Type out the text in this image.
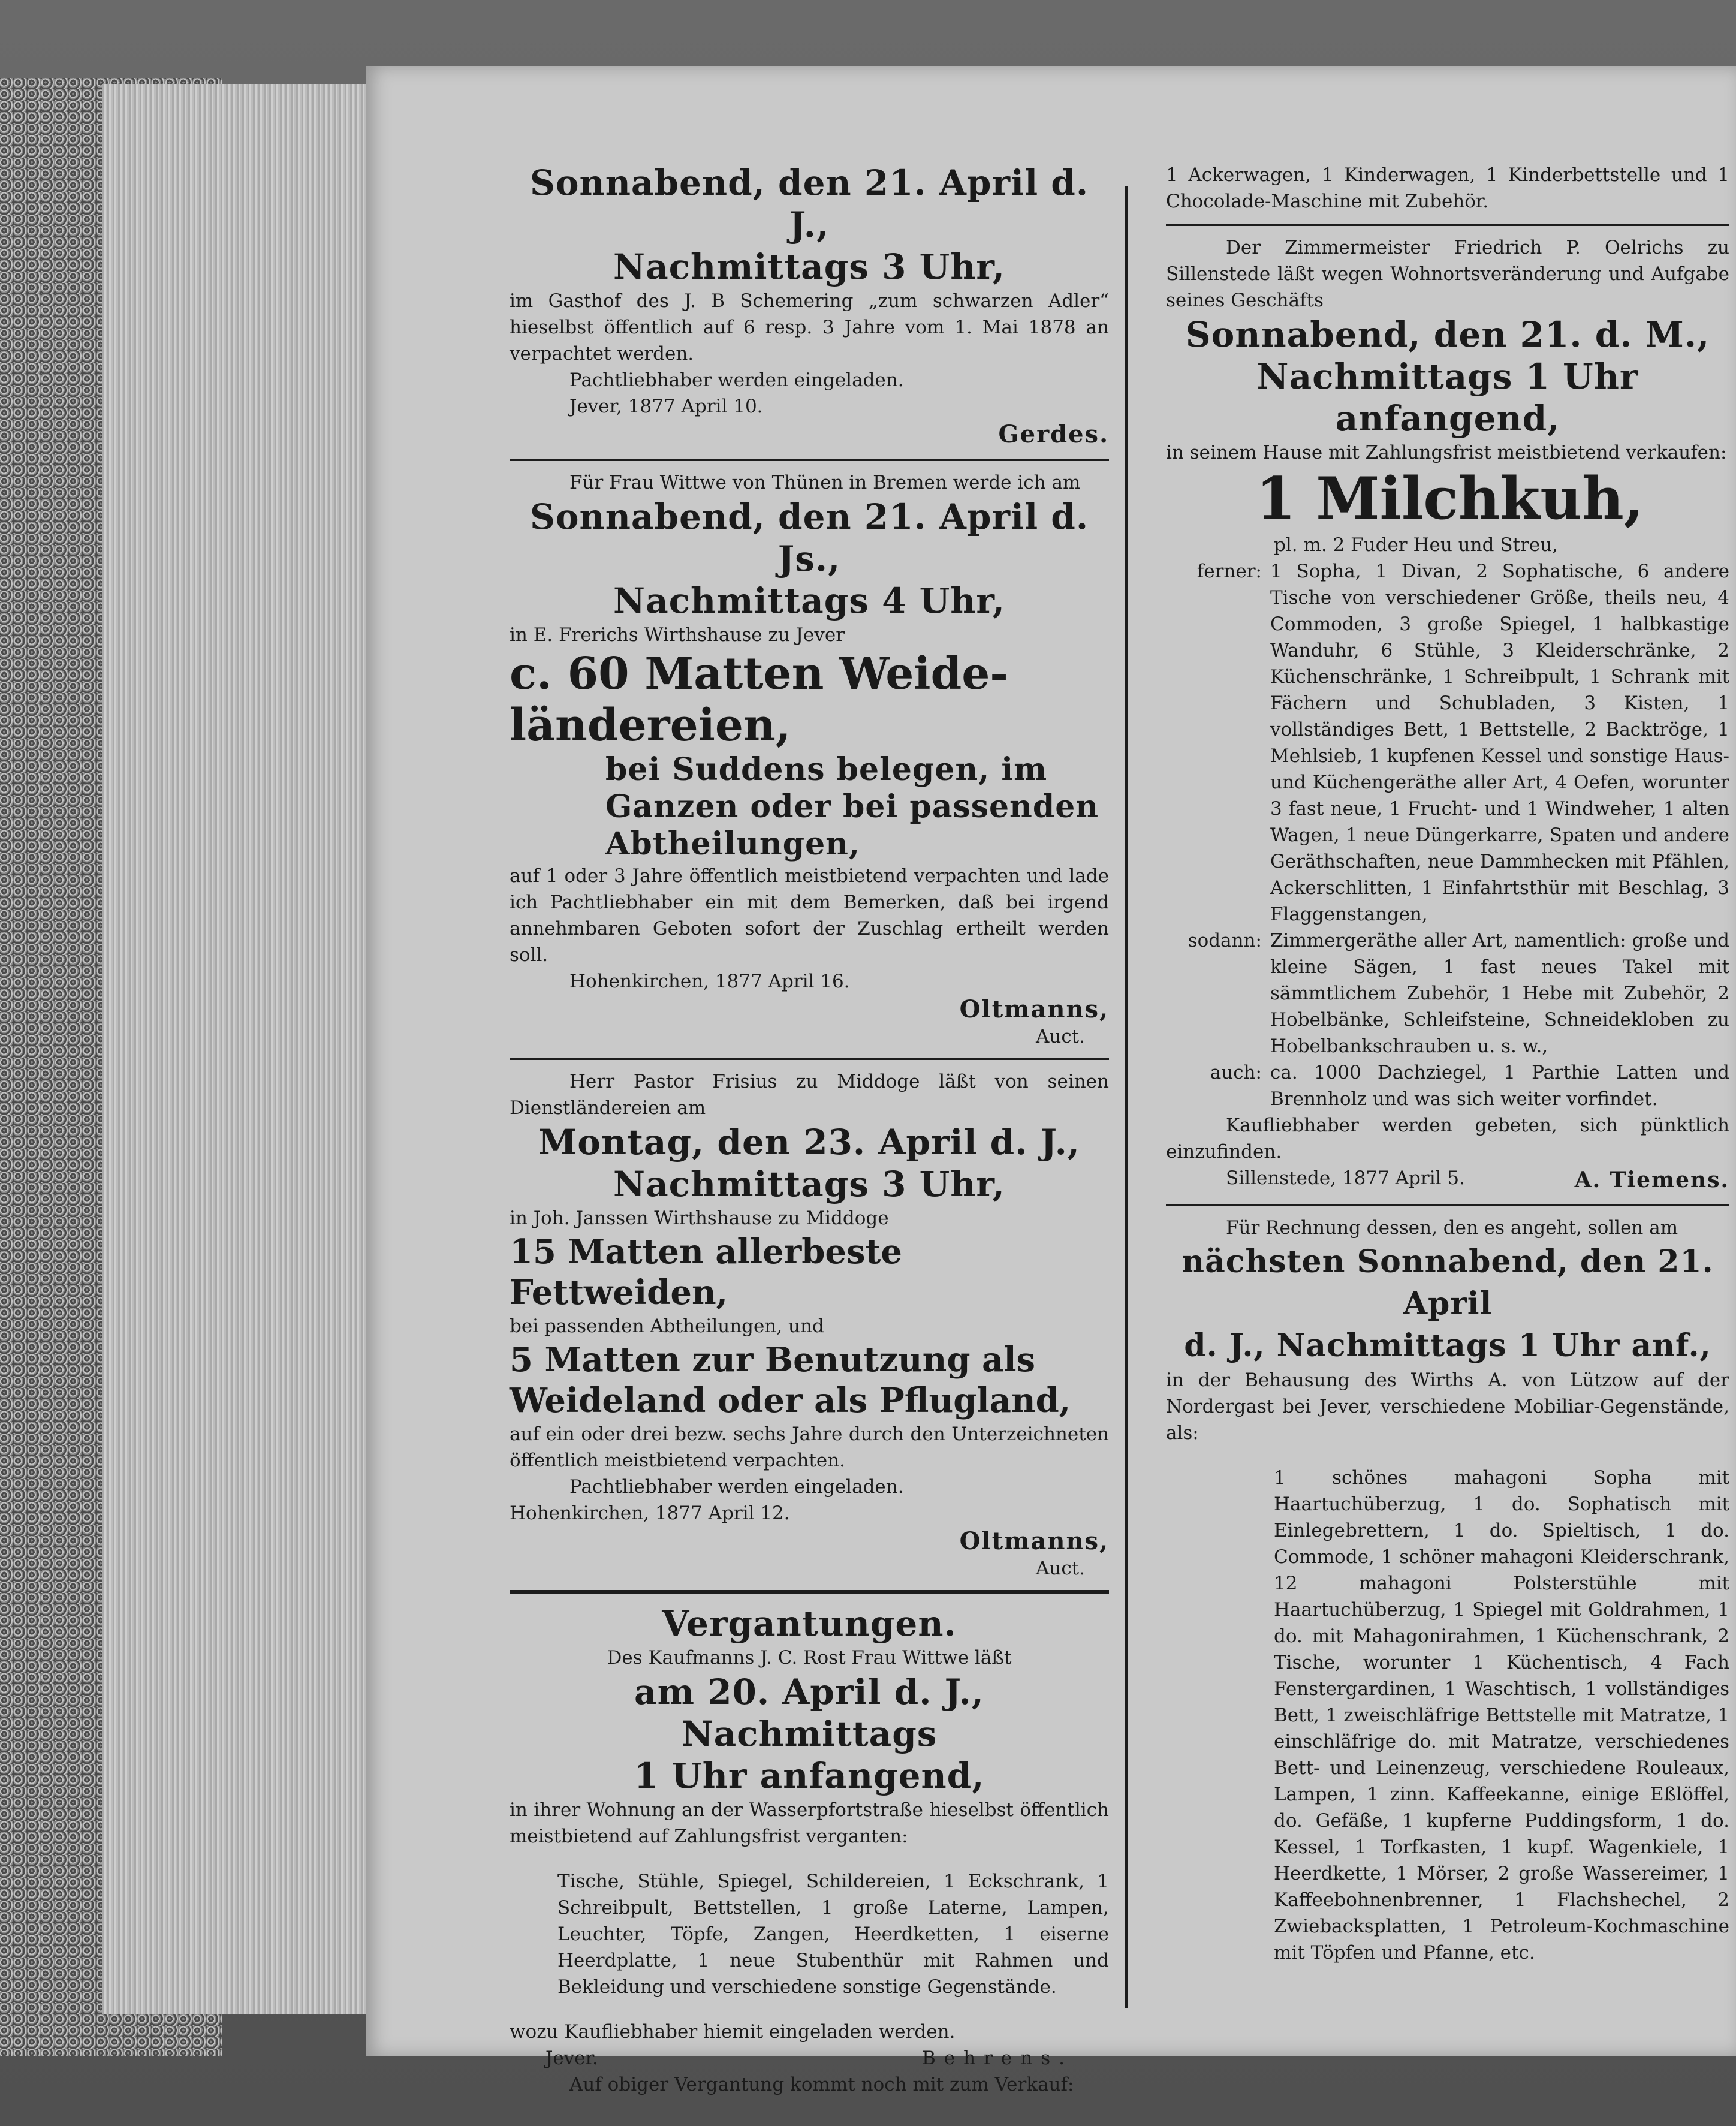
Sonnabend, den 21. April d. J.,

Nachmittags 3 Uhr,

im Gasthof des J. B Schemering „zum schwarzen Adler“ hieselbst öffentlich auf 6 resp. 3 Jahre vom 1. Mai 1878 an verpachtet werden.

Pachtliebhaber werden eingeladen.

Jever, 1877 April 10.

Gerdes.

Für Frau Wittwe von Thünen in Bremen werde ich am

Sonnabend, den 21. April d. Js.,

Nachmittags 4 Uhr,

in E. Frerichs Wirthshause zu Jever

c. 60 Matten Weide-ländereien,

bei Suddens belegen, im Ganzen oder bei passenden Abtheilungen,

auf 1 oder 3 Jahre öffentlich meistbietend verpachten und lade ich Pachtliebhaber ein mit dem Bemerken, daß bei irgend annehmbaren Geboten sofort der Zuschlag ertheilt werden soll.

Hohenkirchen, 1877 April 16.

Oltmanns,

Auct.

Herr Pastor Frisius zu Middoge läßt von seinen Dienstländereien am

Montag, den 23. April d. J.,

Nachmittags 3 Uhr,

in Joh. Janssen Wirthshause zu Middoge

15 Matten allerbeste Fettweiden,

bei passenden Abtheilungen, und

5 Matten zur Benutzung als Weideland oder als Pflugland,

auf ein oder drei bezw. sechs Jahre durch den Unterzeichneten öffentlich meistbietend verpachten.

Pachtliebhaber werden eingeladen.

Hohenkirchen, 1877 April 12.

Oltmanns,

Auct.

Vergantungen.

Des Kaufmanns J. C. Rost Frau Wittwe läßt

am 20. April d. J., Nachmittags

1 Uhr anfangend,

in ihrer Wohnung an der Wasserpfortstraße hieselbst öffentlich meistbietend auf Zahlungsfrist verganten:

Tische, Stühle, Spiegel, Schildereien, 1 Eckschrank, 1 Schreibpult, Bettstellen, 1 große Laterne, Lampen, Leuchter, Töpfe, Zangen, Heerdketten, 1 eiserne Heerdplatte, 1 neue Stubenthür mit Rahmen und Bekleidung und verschiedene sonstige Gegenstände.

wozu Kaufliebhaber hiemit eingeladen werden.

Jever.	Behrens.

Auf obiger Vergantung kommt noch mit zum Verkauf:

1 Ackerwagen, 1 Kinderwagen, 1 Kinderbettstelle und 1 Chocolade-Maschine mit Zubehör.

Der Zimmermeister Friedrich P. Oelrichs zu Sillenstede läßt wegen Wohnortsveränderung und Aufgabe seines Geschäfts

Sonnabend, den 21. d. M.,

Nachmittags 1 Uhr anfangend,

in seinem Hause mit Zahlungsfrist meistbietend verkaufen:

1 Milchkuh,

pl. m. 2 Fuder Heu und Streu,

ferner: 1 Sopha, 1 Divan, 2 Sophatische, 6 andere Tische von verschiedener Größe, theils neu, 4 Commoden, 3 große Spiegel, 1 halbkastige Wanduhr, 6 Stühle, 3 Kleiderschränke, 2 Küchenschränke, 1 Schreibpult, 1 Schrank mit Fächern und Schubladen, 3 Kisten, 1 vollständiges Bett, 1 Bettstelle, 2 Backtröge, 1 Mehlsieb, 1 kupfenen Kessel und sonstige Haus- und Küchengeräthe aller Art, 4 Oefen, worunter 3 fast neue, 1 Frucht- und 1 Windweher, 1 alten Wagen, 1 neue Düngerkarre, Spaten und andere Geräthschaften, neue Dammhecken mit Pfählen, Ackerschlitten, 1 Einfahrtsthür mit Beschlag, 3 Flaggenstangen,
sodann: Zimmergeräthe aller Art, namentlich: große und kleine Sägen, 1 fast neues Takel mit sämmtlichem Zubehör, 1 Hebe mit Zubehör, 2 Hobelbänke, Schleifsteine, Schneidekloben zu Hobelbankschrauben u. s. w.,
auch: ca. 1000 Dachziegel, 1 Parthie Latten und Brennholz und was sich weiter vorfindet.

Kaufliebhaber werden gebeten, sich pünktlich einzufinden.

Sillenstede, 1877 April 5.	A. Tiemens.

Für Rechnung dessen, den es angeht, sollen am

nächsten Sonnabend, den 21. April

d. J., Nachmittags 1 Uhr anf.,

in der Behausung des Wirths A. von Lützow auf der Nordergast bei Jever, verschiedene Mobiliar-Gegenstände, als:

1 schönes mahagoni Sopha mit Haartuchüberzug, 1 do. Sophatisch mit Einlegebrettern, 1 do. Spieltisch, 1 do. Commode, 1 schöner mahagoni Kleiderschrank, 12 mahagoni Polsterstühle mit Haartuchüberzug, 1 Spiegel mit Goldrahmen, 1 do. mit Mahagonirahmen, 1 Küchenschrank, 2 Tische, worunter 1 Küchentisch, 4 Fach Fenstergardinen, 1 Waschtisch, 1 vollständiges Bett, 1 zweischläfrige Bettstelle mit Matratze, 1 einschläfrige do. mit Matratze, verschiedenes Bett- und Leinenzeug, verschiedene Rouleaux, Lampen, 1 zinn. Kaffeekanne, einige Eßlöffel, do. Gefäße, 1 kupferne Puddingsform, 1 do. Kessel, 1 Torfkasten, 1 kupf. Wagenkiele, 1 Heerdkette, 1 Mörser, 2 große Wassereimer, 1 Kaffeebohnenbrenner, 1 Flachshechel, 2 Zwiebacksplatten, 1 Petroleum-Kochmaschine mit Töpfen und Pfanne, etc.
